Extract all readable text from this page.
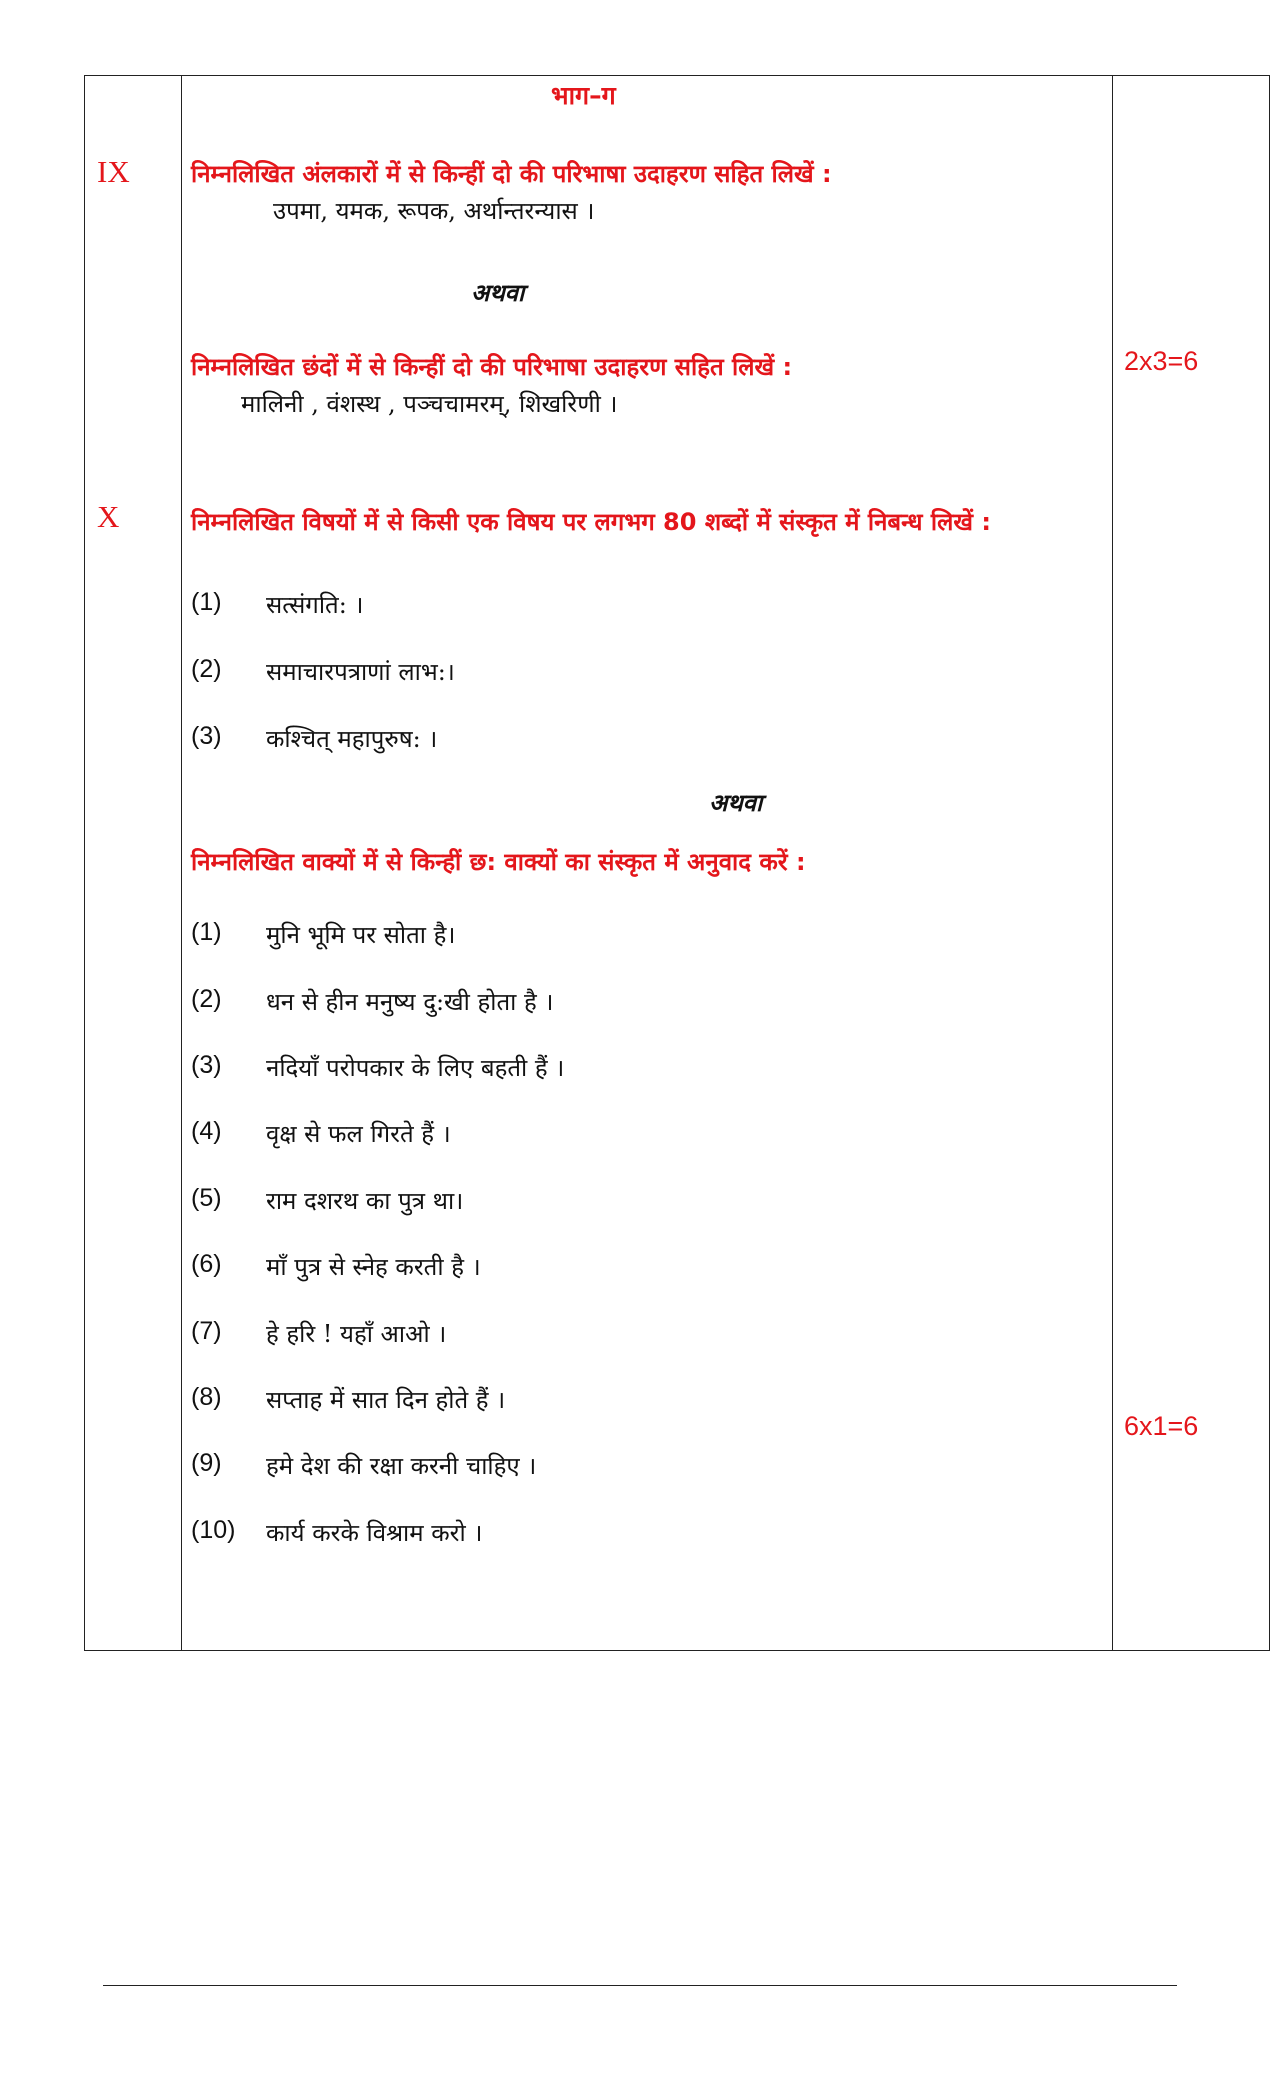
IX
X
2x3=6
6x1=6
भाग–ग
निम्नलिखित अंलकारों में से किन्हीं दो की परिभाषा उदाहरण सहित लिखें :
उपमा, यमक, रूपक, अर्थान्तरन्यास ।
अथवा
निम्नलिखित छंदों में से किन्हीं दो की परिभाषा उदाहरण सहित लिखें :
मालिनी , वंशस्थ , पञ्चचामरम्, शिखरिणी ।
निम्नलिखित विषयों में से किसी एक विषय पर लगभग 80 शब्दों में संस्कृत में निबन्ध लिखें :
(1) सत्संगति: ।
(2) समाचारपत्राणां लाभ:।
(3) कश्चित् महापुरुष: ।
अथवा
निम्नलिखित वाक्यों में से किन्हीं छ: वाक्यों का संस्कृत में अनुवाद करें :
(1) मुनि भूमि पर सोता है।
(2) धन से हीन मनुष्य दु:खी होता है ।
(3) नदियाँ परोपकार के लिए बहती हैं ।
(4) वृक्ष से फल गिरते हैं ।
(5) राम दशरथ का पुत्र था।
(6) माँ पुत्र से स्नेह करती है ।
(7) हे हरि ! यहाँ आओ ।
(8) सप्ताह में सात दिन होते हैं ।
(9) हमे देश की रक्षा करनी चाहिए ।
(10) कार्य करके विश्राम करो ।
